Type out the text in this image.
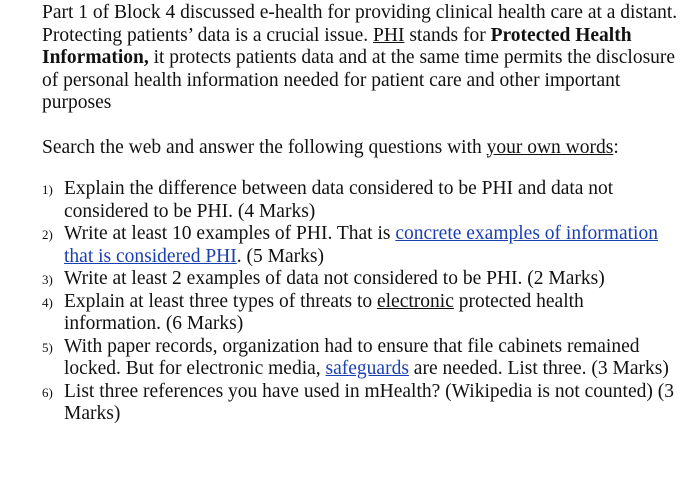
Part 1 of Block 4 discussed e-health for providing clinical health care at a distant. Protecting patients’ data is a crucial issue. PHI stands for Protected Health Information, it protects patients data and at the same time permits the disclosure of personal health information needed for patient care and other important purposes

Search the web and answer the following questions with your own words:

1) Explain the difference between data considered to be PHI and data not considered to be PHI. (4 Marks)
2) Write at least 10 examples of PHI. That is concrete examples of information that is considered PHI. (5 Marks)
3) Write at least 2 examples of data not considered to be PHI. (2 Marks)
4) Explain at least three types of threats to electronic protected health information. (6 Marks)
5) With paper records, organization had to ensure that file cabinets remained locked. But for electronic media, safeguards are needed. List three. (3 Marks)
6) List three references you have used in mHealth? (Wikipedia is not counted) (3 Marks)
